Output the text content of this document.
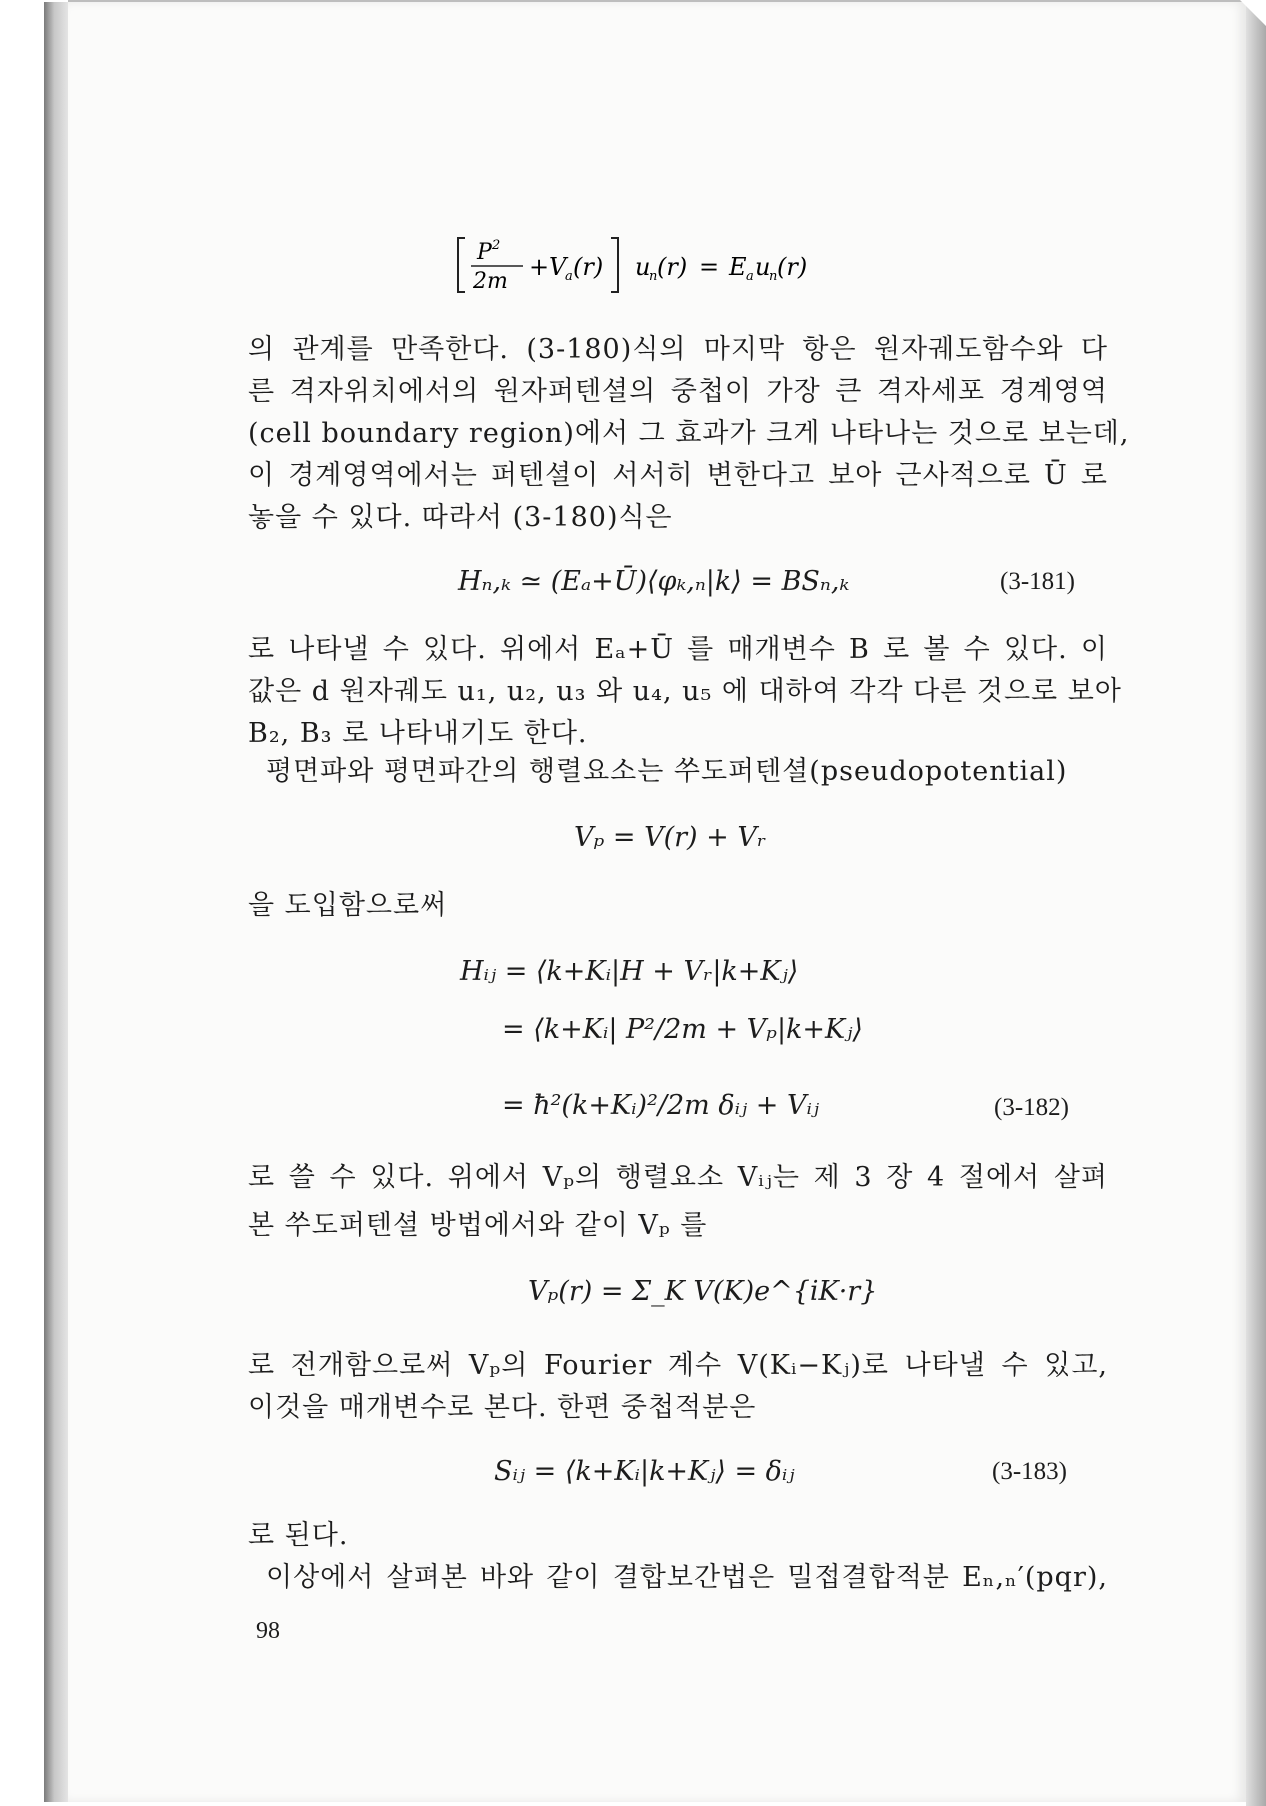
P 2
2m
+ V
a (r) u
n (r) = E a u
n (r)
의 관계를 만족한다. (3-180)식의 마지막 항은 원자궤도함수와 다
른 격자위치에서의 원자퍼텐셜의 중첩이 가장 큰 격자세포 경계영역
(cell boundary region)에서 그 효과가 크게 나타나는 것으로 보는데,
이 경계영역에서는 퍼텐셜이 서서히 변한다고 보아 근사적으로 Ū 로
놓을 수 있다. 따라서 (3-180)식은
Hₙ,ₖ ≃ (Eₐ+Ū)⟨φₖ,ₙ|k⟩ = BSₙ,ₖ	(3-181)
로 나타낼 수 있다. 위에서 Eₐ+Ū 를 매개변수 B 로 볼 수 있다. 이
값은 d 원자궤도 u₁, u₂, u₃ 와 u₄, u₅ 에 대하여 각각 다른 것으로 보아
B₂, B₃ 로 나타내기도 한다.
평면파와 평면파간의 행렬요소는 쑤도퍼텐셜(pseudopotential)
Vₚ = V(r) + Vᵣ
을 도입함으로써
Hᵢⱼ = ⟨k+Kᵢ|H + Vᵣ|k+Kⱼ⟩
= ⟨k+Kᵢ| P²/2m + Vₚ|k+Kⱼ⟩
= ħ²(k+Kᵢ)²/2m δᵢⱼ + Vᵢⱼ	(3-182)
로 쓸 수 있다. 위에서 Vₚ의 행렬요소 Vᵢⱼ는 제 3 장 4 절에서 살펴
본 쑤도퍼텐셜 방법에서와 같이 Vₚ 를
Vₚ(r) = Σ_K V(K)e^{iK·r}
로 전개함으로써 Vₚ의 Fourier 계수 V(Kᵢ−Kⱼ)로 나타낼 수 있고,
이것을 매개변수로 본다. 한편 중첩적분은
Sᵢⱼ = ⟨k+Kᵢ|k+Kⱼ⟩ = δᵢⱼ	(3-183)
로 된다.
이상에서 살펴본 바와 같이 결합보간법은 밀접결합적분 Eₙ,ₙ′(pqr),
98
